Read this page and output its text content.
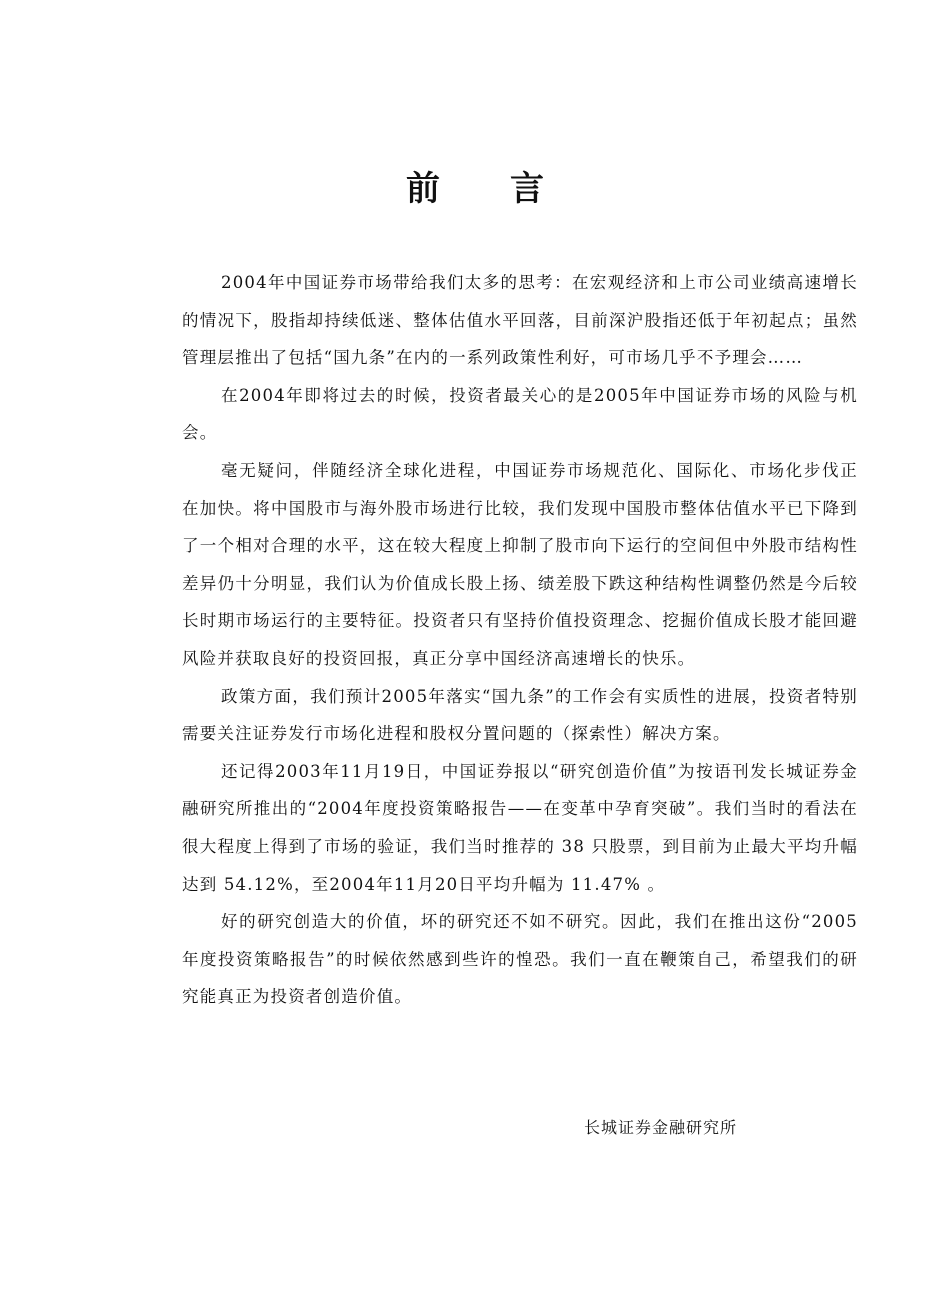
前言

2004年中国证券市场带给我们太多的思考：在宏观经济和上市公司业绩高速增长的情况下，股指却持续低迷、整体估值水平回落，目前深沪股指还低于年初起点；虽然管理层推出了包括“国九条”在内的一系列政策性利好，可市场几乎不予理会……

在2004年即将过去的时候，投资者最关心的是2005年中国证券市场的风险与机会。

毫无疑问，伴随经济全球化进程，中国证券市场规范化、国际化、市场化步伐正在加快。将中国股市与海外股市场进行比较，我们发现中国股市整体估值水平已下降到了一个相对合理的水平，这在较大程度上抑制了股市向下运行的空间但中外股市结构性差异仍十分明显，我们认为价值成长股上扬、绩差股下跌这种结构性调整仍然是今后较长时期市场运行的主要特征。投资者只有坚持价值投资理念、挖掘价值成长股才能回避风险并获取良好的投资回报，真正分享中国经济高速增长的快乐。

政策方面，我们预计2005年落实“国九条”的工作会有实质性的进展，投资者特别需要关注证券发行市场化进程和股权分置问题的（探索性）解决方案。

还记得2003年11月19日，中国证券报以“研究创造价值”为按语刊发长城证券金融研究所推出的“2004年度投资策略报告——在变革中孕育突破”。我们当时的看法在很大程度上得到了市场的验证，我们当时推荐的 38 只股票，到目前为止最大平均升幅达到 54.12%，至2004年11月20日平均升幅为 11.47% 。

好的研究创造大的价值，坏的研究还不如不研究。因此，我们在推出这份“2005年度投资策略报告”的时候依然感到些许的惶恐。我们一直在鞭策自己，希望我们的研究能真正为投资者创造价值。

长城证券金融研究所
